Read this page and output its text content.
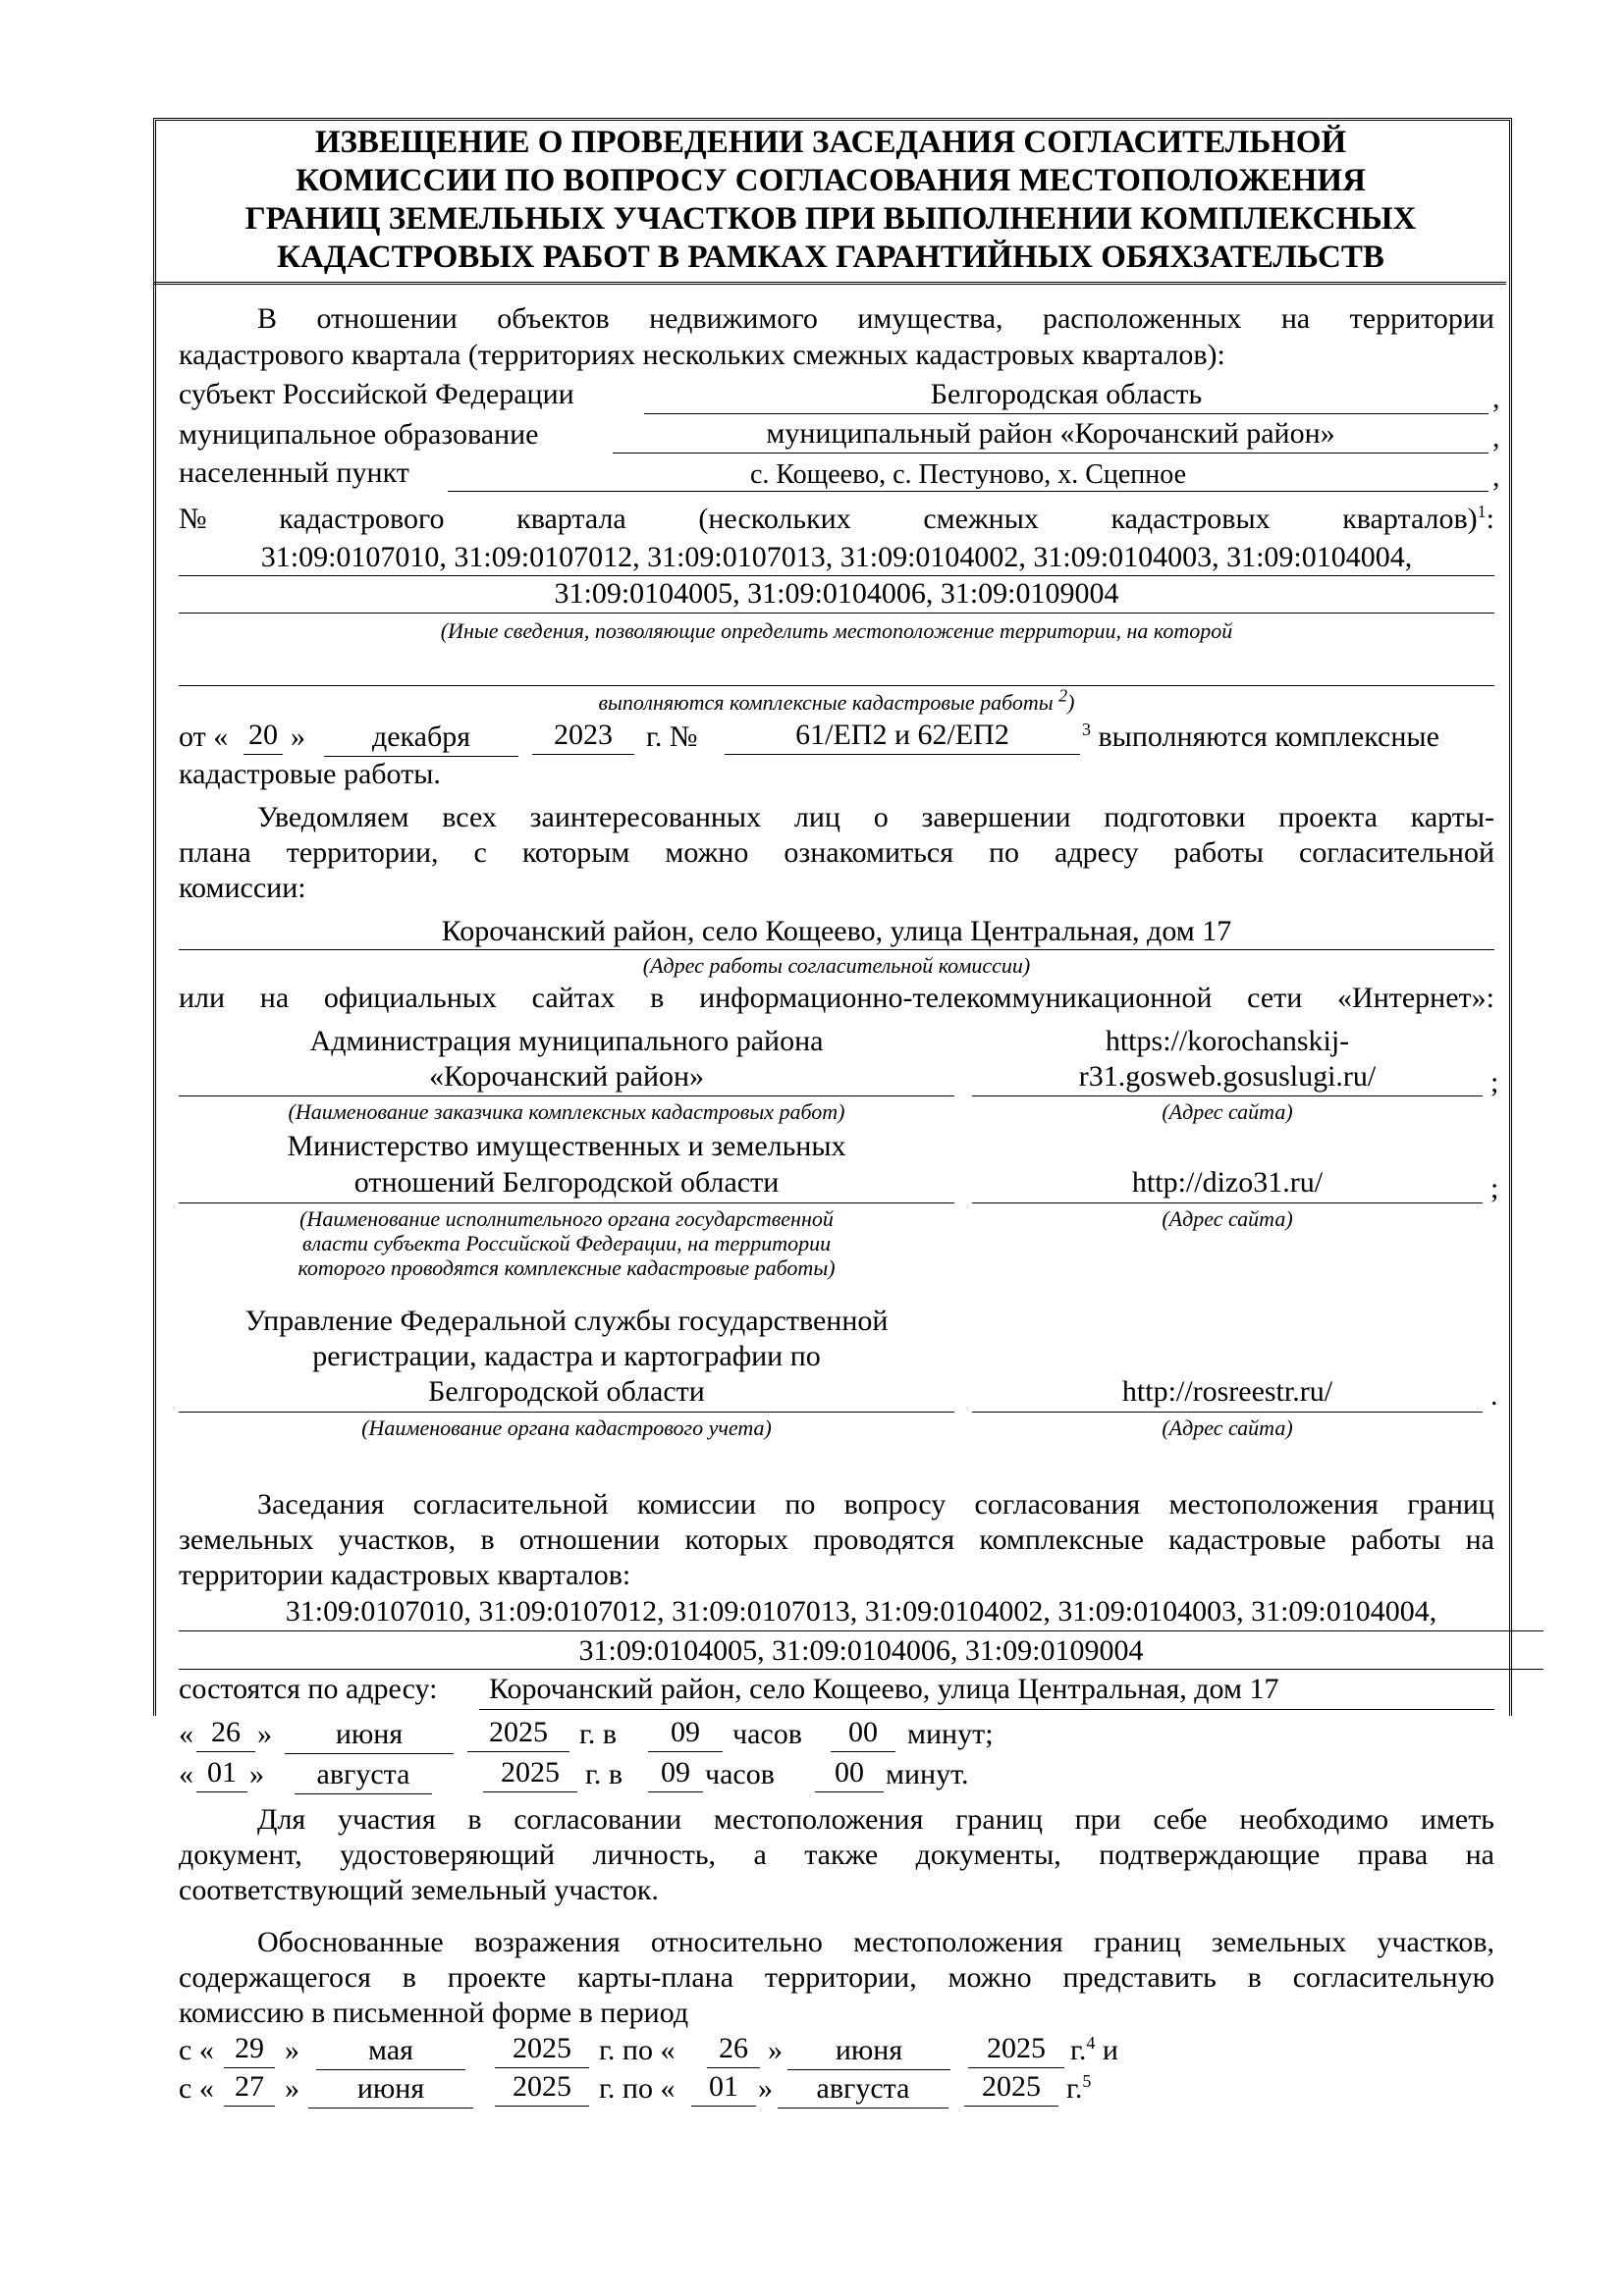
ИЗВЕЩЕНИЕ О ПРОВЕДЕНИИ ЗАСЕДАНИЯ СОГЛАСИТЕЛЬНОЙ
КОМИССИИ ПО ВОПРОСУ СОГЛАСОВАНИЯ МЕСТОПОЛОЖЕНИЯ
ГРАНИЦ ЗЕМЕЛЬНЫХ УЧАСТКОВ ПРИ ВЫПОЛНЕНИИ КОМПЛЕКСНЫХ
КАДАСТРОВЫХ РАБОТ В РАМКАХ ГАРАНТИЙНЫХ ОБЯХЗАТЕЛЬСТВ
В отношении объектов недвижимого имущества, расположенных на территории
кадастрового квартала (территориях нескольких смежных кадастровых кварталов):
субъект Российской Федерации	Белгородская область	,
муниципальное образование	муниципальный район «Корочанский район»	,
населенный пункт	с. Кощеево, с. Пестуново, х. Сцепное	,
№ кадастрового квартала (нескольких смежных кадастровых кварталов)$^1$:
31:09:0107010, 31:09:0107012, 31:09:0107013, 31:09:0104002, 31:09:0104003, 31:09:0104004,
31:09:0104005, 31:09:0104006, 31:09:0109004
(Иные сведения, позволяющие определить местоположение территории, на которой
выполняются комплексные кадастровые работы $^2$)
от « 20 »	декабря	2023	г. №	61/ЕП2 и 62/ЕП2	$^3$ выполняются комплексные
кадастровые работы.
Уведомляем всех заинтересованных лиц о завершении подготовки проекта карты-
плана территории, с которым можно ознакомиться по адресу работы согласительной
комиссии:
Корочанский район, село Кощеево, улица Центральная, дом 17
(Адрес работы согласительной комиссии)
или на официальных сайтах в информационно-телекоммуникационной сети «Интернет»:
Администрация муниципального района
«Корочанский район»
https://korochanskij-
r31.gosweb.gosuslugi.ru/	;
(Наименование заказчика комплексных кадастровых работ)	(Адрес сайта)
Министерство имущественных и земельных
отношений Белгородской области	http://dizo31.ru/	;
(Наименование исполнительного органа государственной
власти субъекта Российской Федерации, на территории
которого проводятся комплексные кадастровые работы)
(Адрес сайта)
Управление Федеральной службы государственной
регистрации, кадастра и картографии по
Белгородской области	http://rosreestr.ru/	.
(Наименование органа кадастрового учета)	(Адрес сайта)
Заседания согласительной комиссии по вопросу согласования местоположения границ
земельных участков, в отношении которых проводятся комплексные кадастровые работы на
территории кадастровых кварталов:
31:09:0107010, 31:09:0107012, 31:09:0107013, 31:09:0104002, 31:09:0104003, 31:09:0104004,
31:09:0104005, 31:09:0104006, 31:09:0109004
состоятся по адресу: Корочанский район, село Кощеево, улица Центральная, дом 17
« 26 »	июня	2025	г. в	09	часов	00	минут;
« 01 »	августа	2025 г. в	09 часов	00 минут.
Для участия в согласовании местоположения границ при себе необходимо иметь
документ, удостоверяющий личность, а также документы, подтверждающие права на
соответствующий земельный участок.
Обоснованные возражения относительно местоположения границ земельных участков,
содержащегося в проекте карты-плана территории, можно представить в согласительную
комиссию в письменной форме в период
с « 29 »	мая	2025 г. по «	26 »	июня	2025 г.$^4$ и
с « 27 »	июня	2025 г. по «	01 »	августа	2025 г.$^5$
